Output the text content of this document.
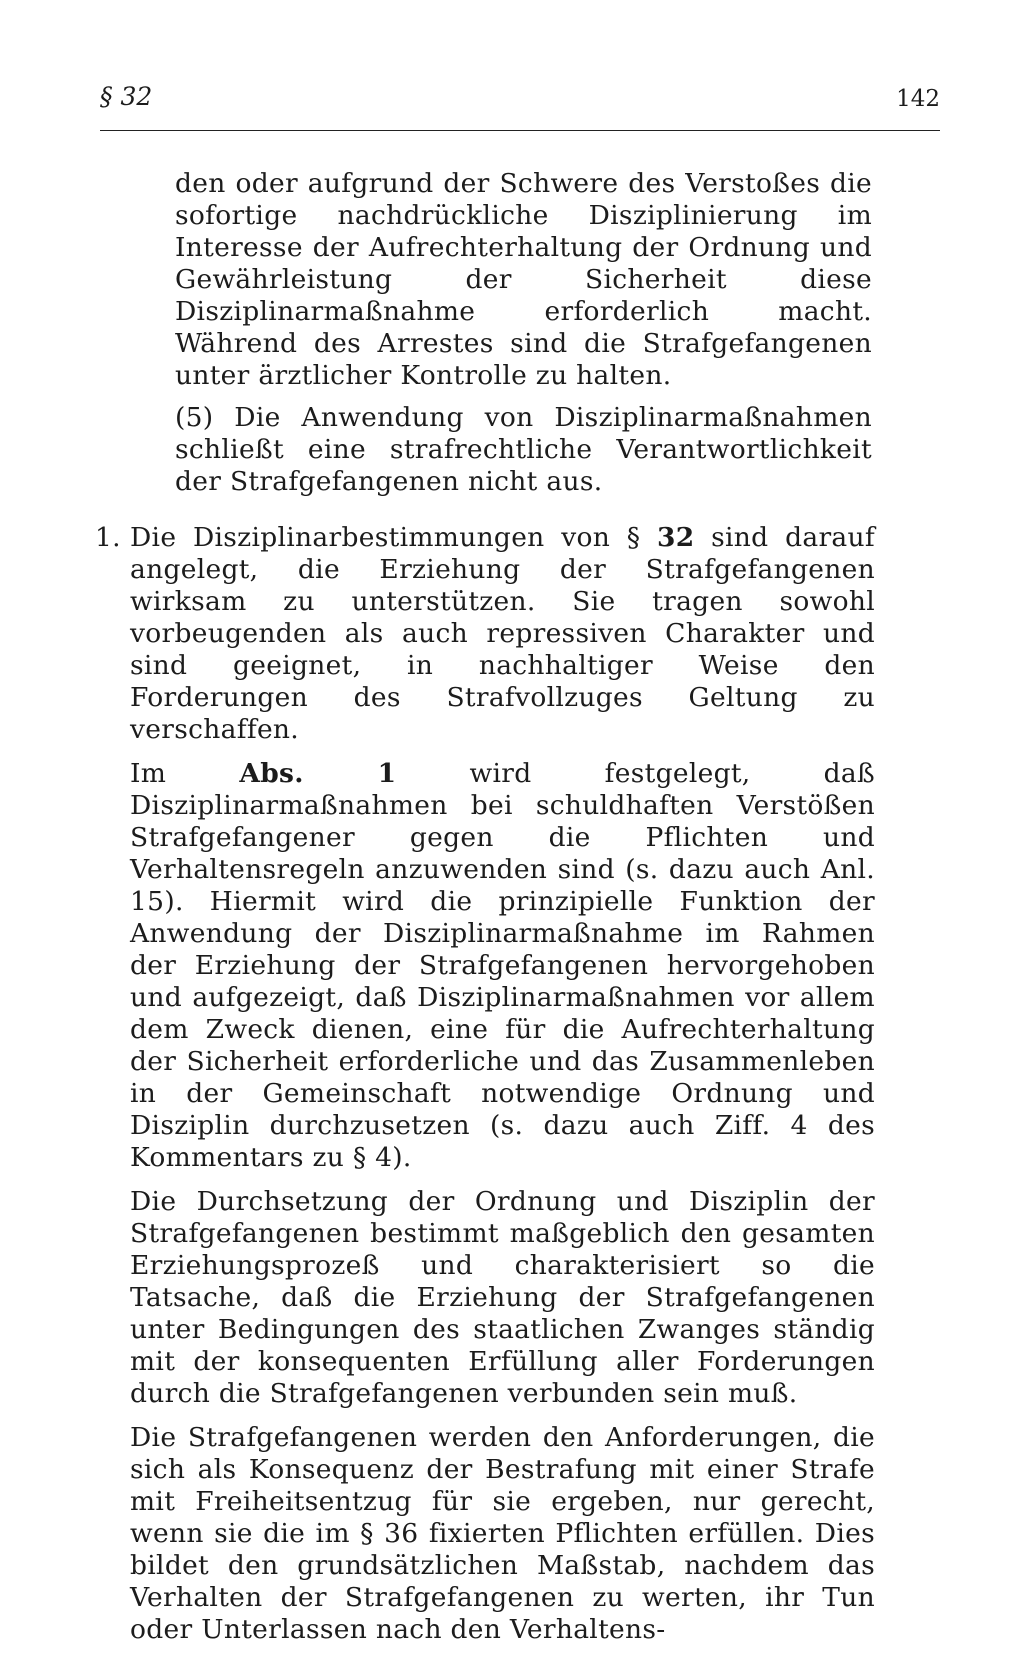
§ 32	142

den oder aufgrund der Schwere des Verstoßes die sofortige nachdrückliche Disziplinierung im Interesse der Aufrechterhaltung der Ordnung und Gewährleistung der Sicherheit diese Disziplinarmaßnahme erforderlich macht. Während des Arrestes sind die Strafgefangenen unter ärztlicher Kontrolle zu halten.

(5) Die Anwendung von Disziplinarmaßnahmen schließt eine strafrechtliche Verantwortlichkeit der Strafgefangenen nicht aus.

1. Die Disziplinarbestimmungen von § 32 sind darauf angelegt, die Erziehung der Strafgefangenen wirksam zu unterstützen. Sie tragen sowohl vorbeugenden als auch repressiven Charakter und sind geeignet, in nachhaltiger Weise den Forderungen des Strafvollzuges Geltung zu verschaffen.

Im Abs. 1 wird festgelegt, daß Disziplinarmaßnahmen bei schuldhaften Verstößen Strafgefangener gegen die Pflichten und Verhaltensregeln anzuwenden sind (s. dazu auch Anl. 15). Hiermit wird die prinzipielle Funktion der Anwendung der Disziplinarmaßnahme im Rahmen der Erziehung der Strafgefangenen hervorgehoben und aufgezeigt, daß Disziplinarmaßnahmen vor allem dem Zweck dienen, eine für die Aufrechterhaltung der Sicherheit erforderliche und das Zusammenleben in der Gemeinschaft notwendige Ordnung und Disziplin durchzusetzen (s. dazu auch Ziff. 4 des Kommentars zu § 4).

Die Durchsetzung der Ordnung und Disziplin der Strafgefangenen bestimmt maßgeblich den gesamten Erziehungsprozeß und charakterisiert so die Tatsache, daß die Erziehung der Strafgefangenen unter Bedingungen des staatlichen Zwanges ständig mit der konsequenten Erfüllung aller Forderungen durch die Strafgefangenen verbunden sein muß.

Die Strafgefangenen werden den Anforderungen, die sich als Konsequenz der Bestrafung mit einer Strafe mit Freiheitsentzug für sie ergeben, nur gerecht, wenn sie die im § 36 fixierten Pflichten erfüllen. Dies bildet den grundsätzlichen Maßstab, nachdem das Verhalten der Strafgefangenen zu werten, ihr Tun oder Unterlassen nach den Verhaltens-
